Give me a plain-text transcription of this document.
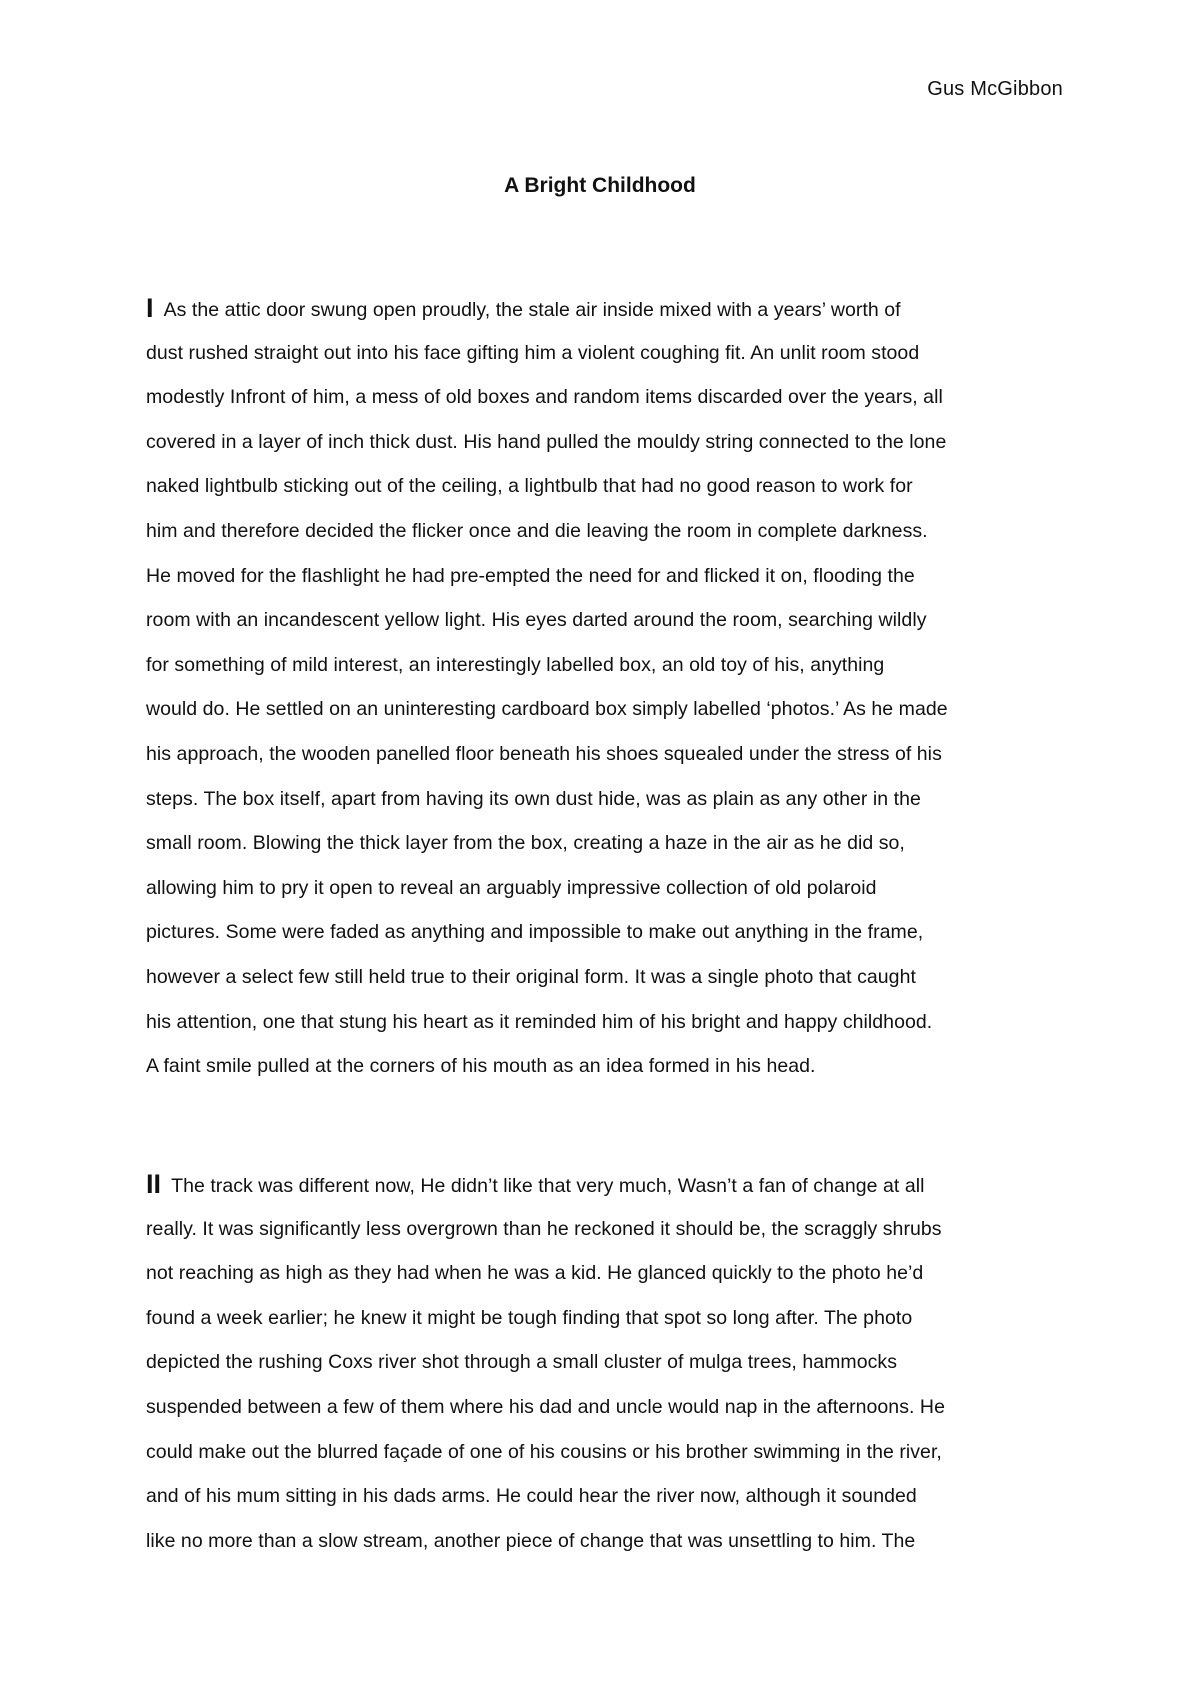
Gus McGibbon
A Bright Childhood
I As the attic door swung open proudly, the stale air inside mixed with a years’ worth of
dust rushed straight out into his face gifting him a violent coughing fit. An unlit room stood
modestly Infront of him, a mess of old boxes and random items discarded over the years, all
covered in a layer of inch thick dust. His hand pulled the mouldy string connected to the lone
naked lightbulb sticking out of the ceiling, a lightbulb that had no good reason to work for
him and therefore decided the flicker once and die leaving the room in complete darkness.
He moved for the flashlight he had pre-empted the need for and flicked it on, flooding the
room with an incandescent yellow light. His eyes darted around the room, searching wildly
for something of mild interest, an interestingly labelled box, an old toy of his, anything
would do. He settled on an uninteresting cardboard box simply labelled ‘photos.’ As he made
his approach, the wooden panelled floor beneath his shoes squealed under the stress of his
steps. The box itself, apart from having its own dust hide, was as plain as any other in the
small room. Blowing the thick layer from the box, creating a haze in the air as he did so,
allowing him to pry it open to reveal an arguably impressive collection of old polaroid
pictures. Some were faded as anything and impossible to make out anything in the frame,
however a select few still held true to their original form. It was a single photo that caught
his attention, one that stung his heart as it reminded him of his bright and happy childhood.
A faint smile pulled at the corners of his mouth as an idea formed in his head.
II The track was different now, He didn’t like that very much, Wasn’t a fan of change at all
really. It was significantly less overgrown than he reckoned it should be, the scraggly shrubs
not reaching as high as they had when he was a kid. He glanced quickly to the photo he’d
found a week earlier; he knew it might be tough finding that spot so long after. The photo
depicted the rushing Coxs river shot through a small cluster of mulga trees, hammocks
suspended between a few of them where his dad and uncle would nap in the afternoons. He
could make out the blurred façade of one of his cousins or his brother swimming in the river,
and of his mum sitting in his dads arms. He could hear the river now, although it sounded
like no more than a slow stream, another piece of change that was unsettling to him. The
